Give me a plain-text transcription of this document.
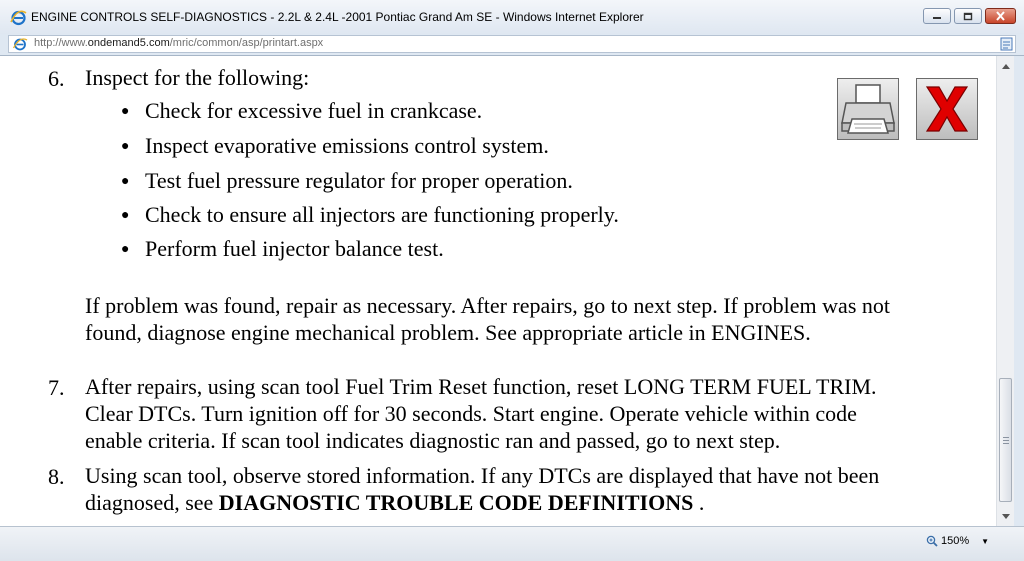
ENGINE CONTROLS SELF-DIAGNOSTICS - 2.2L & 2.4L -2001 Pontiac Grand Am SE - Windows Internet Explorer
http://www.ondemand5.com/mric/common/asp/printart.aspx
6. Inspect for the following:
● Check for excessive fuel in crankcase.
● Inspect evaporative emissions control system.
● Test fuel pressure regulator for proper operation.
● Check to ensure all injectors are functioning properly.
● Perform fuel injector balance test.
If problem was found, repair as necessary. After repairs, go to next step. If problem was not
found, diagnose engine mechanical problem. See appropriate article in ENGINES.
7. After repairs, using scan tool Fuel Trim Reset function, reset LONG TERM FUEL TRIM.
Clear DTCs. Turn ignition off for 30 seconds. Start engine. Operate vehicle within code
enable criteria. If scan tool indicates diagnostic ran and passed, go to next step.
8. Using scan tool, observe stored information. If any DTCs are displayed that have not been
diagnosed, see DIAGNOSTIC TROUBLE CODE DEFINITIONS .
150% ▼
